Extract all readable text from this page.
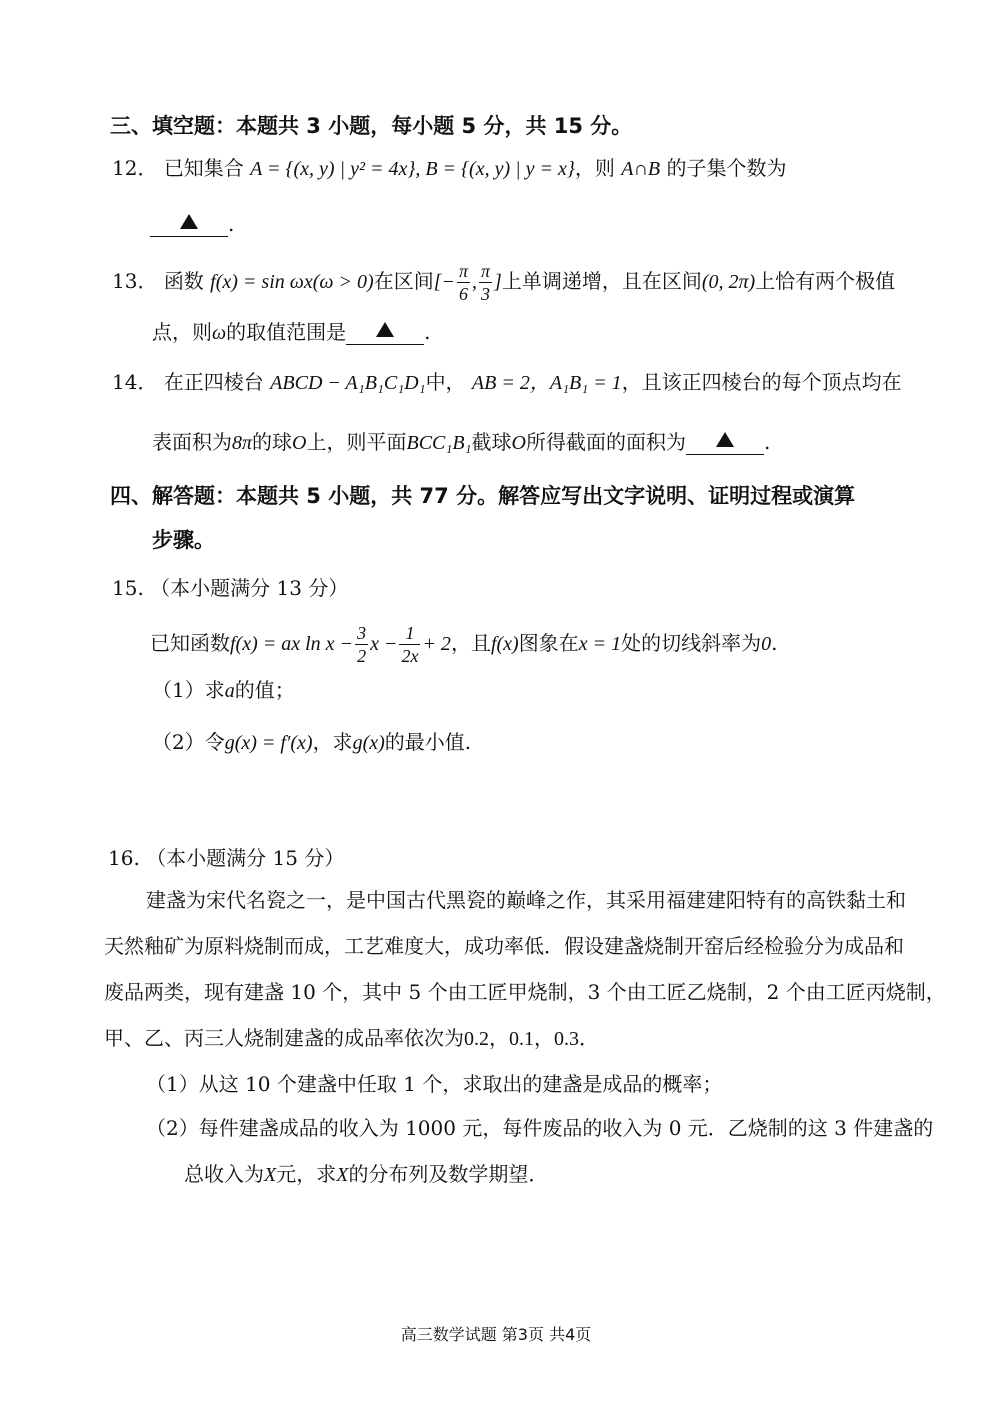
三、填空题：本题共 3 小题，每小题 5 分，共 15 分。
12． 已知集合 A = {(x, y) | y² = 4x}, B = {(x, y) | y = x}，则 A∩B 的子集个数为
.
13． 函数 f(x) = sin ωx(ω > 0)在区间[− $\frac{\pi}{6}$ , $\frac{\pi}{3}$ ]上单调递增，且在区间(0, 2π)上恰有两个极值
点，则ω的取值范围是	.
14． 在正四棱台 ABCD − A₁B₁C₁D₁中， AB = 2，A₁B₁ = 1，且该正四棱台的每个顶点均在
表面积为8π的球O上，则平面BCC₁B₁截球O所得截面的面积为	.
四、解答题：本题共 5 小题，共 77 分。解答应写出文字说明、证明过程或演算
步骤。
15. （本小题满分 13 分）
已知函数f(x) = ax $\ln x - \frac{3}{2}$ $x - \frac{1}{2x} + 2$，且f(x)图象在x = 1处的切线斜率为0.
（1）求a的值；
（2）令g(x) = f′(x)，求g(x)的最小值.
16. （本小题满分 15 分）
建盏为宋代名瓷之一，是中国古代黑瓷的巅峰之作，其采用福建建阳特有的高铁黏土和
天然釉矿为原料烧制而成，工艺难度大，成功率低．假设建盏烧制开窑后经检验分为成品和
废品两类，现有建盏 10 个，其中 5 个由工匠甲烧制，3 个由工匠乙烧制，2 个由工匠丙烧制，
甲、乙、丙三人烧制建盏的成品率依次为0.2，0.1，0.3．
（1）从这 10 个建盏中任取 1 个，求取出的建盏是成品的概率；
（2）每件建盏成品的收入为 1000 元，每件废品的收入为 0 元．乙烧制的这 3 件建盏的
总收入为X元，求X的分布列及数学期望．
高三数学试题 第3页 共4页
